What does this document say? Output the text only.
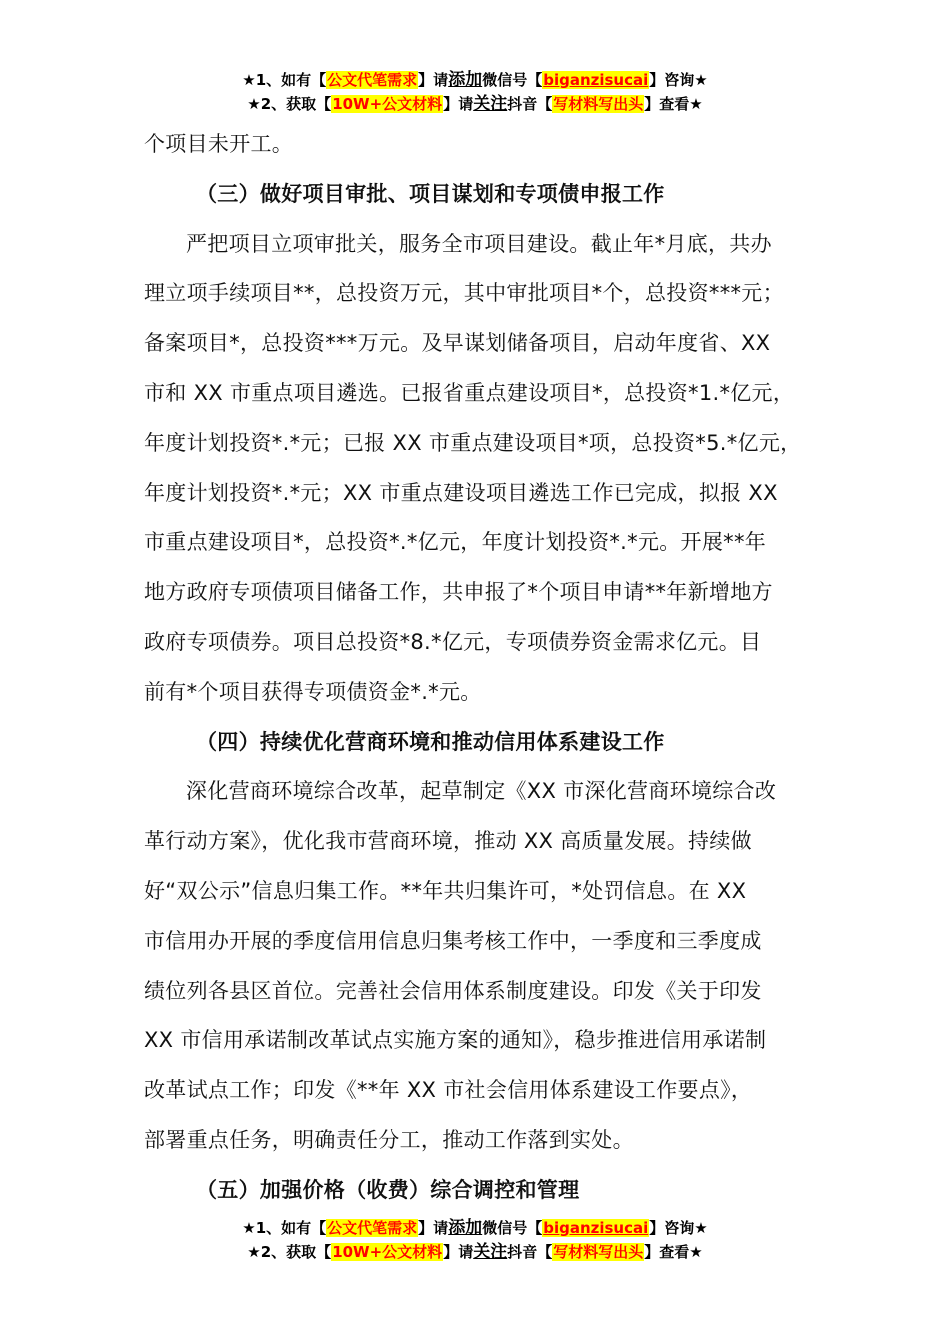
★1、如有【公文代笔需求】请添加微信号【biganzisucai】咨询★
★2、获取【10W+公文材料】请关注抖音【写材料写出头】查看★
个项目未开工。
（三）做好项目审批、项目谋划和专项债申报工作
严把项目立项审批关，服务全市项目建设。截止年*月底，共办
理立项手续项目**，总投资万元，其中审批项目*个，总投资***元；
备案项目*，总投资***万元。及早谋划储备项目，启动年度省、XX
市和 XX 市重点项目遴选。已报省重点建设项目*，总投资*1.*亿元，
年度计划投资*.*元；已报 XX 市重点建设项目*项，总投资*5.*亿元，
年度计划投资*.*元；XX 市重点建设项目遴选工作已完成，拟报 XX
市重点建设项目*，总投资*.*亿元，年度计划投资*.*元。开展**年
地方政府专项债项目储备工作，共申报了*个项目申请**年新增地方
政府专项债券。项目总投资*8.*亿元，专项债券资金需求亿元。目
前有*个项目获得专项债资金*.*元。
（四）持续优化营商环境和推动信用体系建设工作
深化营商环境综合改革，起草制定《XX 市深化营商环境综合改
革行动方案》，优化我市营商环境，推动 XX 高质量发展。持续做
好“双公示”信息归集工作。**年共归集许可，*处罚信息。在 XX
市信用办开展的季度信用信息归集考核工作中，一季度和三季度成
绩位列各县区首位。完善社会信用体系制度建设。印发《关于印发
XX 市信用承诺制改革试点实施方案的通知》，稳步推进信用承诺制
改革试点工作；印发《**年 XX 市社会信用体系建设工作要点》，
部署重点任务，明确责任分工，推动工作落到实处。
（五）加强价格（收费）综合调控和管理
★1、如有【公文代笔需求】请添加微信号【biganzisucai】咨询★
★2、获取【10W+公文材料】请关注抖音【写材料写出头】查看★
